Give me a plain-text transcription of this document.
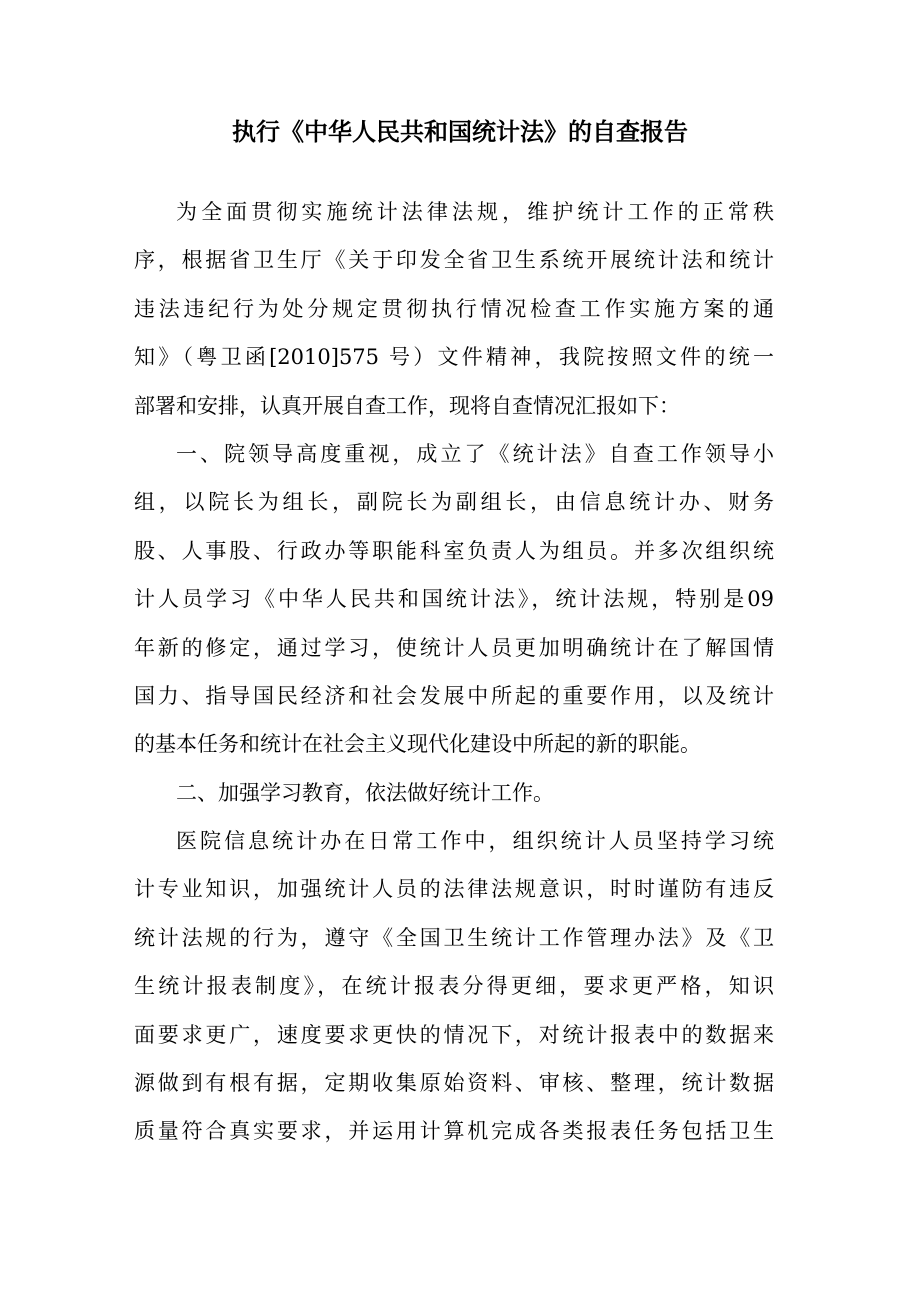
执行《中华人民共和国统计法》的自查报告
为全面贯彻实施统计法律法规，维护统计工作的正常秩
序，根据省卫生厅《关于印发全省卫生系统开展统计法和统计
违法违纪行为处分规定贯彻执行情况检查工作实施方案的通
知》（粤卫函[2010]575 号）文件精神，我院按照文件的统一
部署和安排，认真开展自查工作，现将自查情况汇报如下：
一、院领导高度重视，成立了《统计法》自查工作领导小
组，以院长为组长，副院长为副组长，由信息统计办、财务
股、人事股、行政办等职能科室负责人为组员。并多次组织统
计人员学习《中华人民共和国统计法》，统计法规，特别是09
年新的修定，通过学习，使统计人员更加明确统计在了解国情
国力、指导国民经济和社会发展中所起的重要作用，以及统计
的基本任务和统计在社会主义现代化建设中所起的新的职能。
二、加强学习教育，依法做好统计工作。
医院信息统计办在日常工作中，组织统计人员坚持学习统
计专业知识，加强统计人员的法律法规意识，时时谨防有违反
统计法规的行为，遵守《全国卫生统计工作管理办法》及《卫
生统计报表制度》，在统计报表分得更细，要求更严格，知识
面要求更广，速度要求更快的情况下，对统计报表中的数据来
源做到有根有据，定期收集原始资料、审核、整理，统计数据
质量符合真实要求，并运用计算机完成各类报表任务包括卫生
